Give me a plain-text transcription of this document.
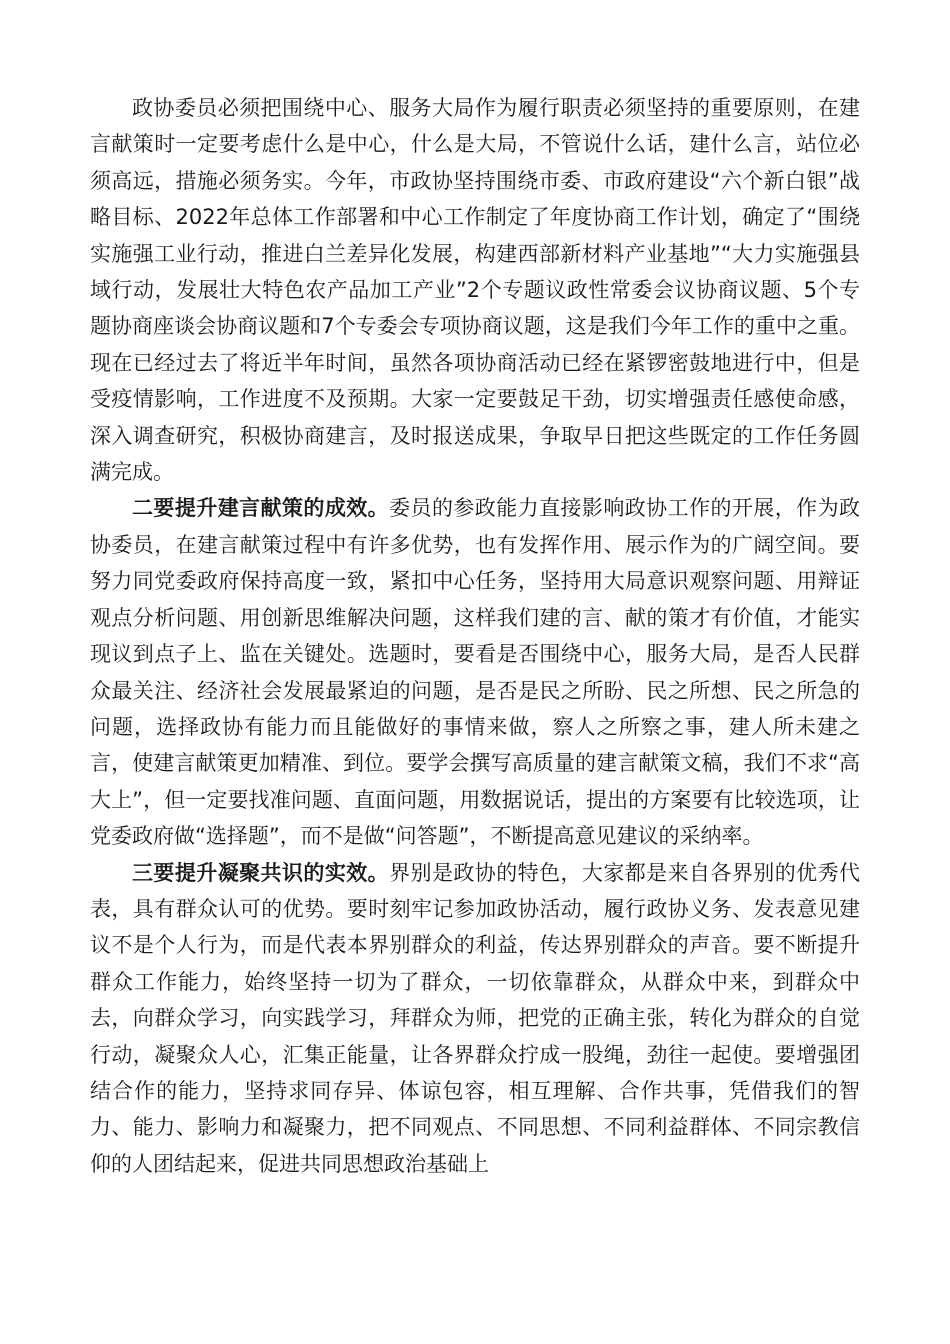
政协委员必须把围绕中心、服务大局作为履行职责必须坚持的重要原则，在建言献策时一定要考虑什么是中心，什么是大局，不管说什么话，建什么言，站位必须高远，措施必须务实。今年，市政协坚持围绕市委、市政府建设“六个新白银”战略目标、2022年总体工作部署和中心工作制定了年度协商工作计划，确定了“围绕实施强工业行动，推进白兰差异化发展，构建西部新材料产业基地”“大力实施强县域行动，发展壮大特色农产品加工产业”2个专题议政性常委会议协商议题、5个专题协商座谈会协商议题和7个专委会专项协商议题，这是我们今年工作的重中之重。现在已经过去了将近半年时间，虽然各项协商活动已经在紧锣密鼓地进行中，但是受疫情影响，工作进度不及预期。大家一定要鼓足干劲，切实增强责任感使命感，深入调查研究，积极协商建言，及时报送成果，争取早日把这些既定的工作任务圆满完成。

二要提升建言献策的成效。委员的参政能力直接影响政协工作的开展，作为政协委员，在建言献策过程中有许多优势，也有发挥作用、展示作为的广阔空间。要努力同党委政府保持高度一致，紧扣中心任务，坚持用大局意识观察问题、用辩证观点分析问题、用创新思维解决问题，这样我们建的言、献的策才有价值，才能实现议到点子上、监在关键处。选题时，要看是否围绕中心，服务大局，是否人民群众最关注、经济社会发展最紧迫的问题，是否是民之所盼、民之所想、民之所急的问题，选择政协有能力而且能做好的事情来做，察人之所察之事，建人所未建之言，使建言献策更加精准、到位。要学会撰写高质量的建言献策文稿，我们不求“高大上”，但一定要找准问题、直面问题，用数据说话，提出的方案要有比较选项，让党委政府做“选择题”，而不是做“问答题”，不断提高意见建议的采纳率。

三要提升凝聚共识的实效。界别是政协的特色，大家都是来自各界别的优秀代表，具有群众认可的优势。要时刻牢记参加政协活动，履行政协义务、发表意见建议不是个人行为，而是代表本界别群众的利益，传达界别群众的声音。要不断提升群众工作能力，始终坚持一切为了群众，一切依靠群众，从群众中来，到群众中去，向群众学习，向实践学习，拜群众为师，把党的正确主张，转化为群众的自觉行动，凝聚众人心，汇集正能量，让各界群众拧成一股绳，劲往一起使。要增强团结合作的能力，坚持求同存异、体谅包容，相互理解、合作共事，凭借我们的智力、能力、影响力和凝聚力，把不同观点、不同思想、不同利益群体、不同宗教信仰的人团结起来，促进共同思想政治基础上
